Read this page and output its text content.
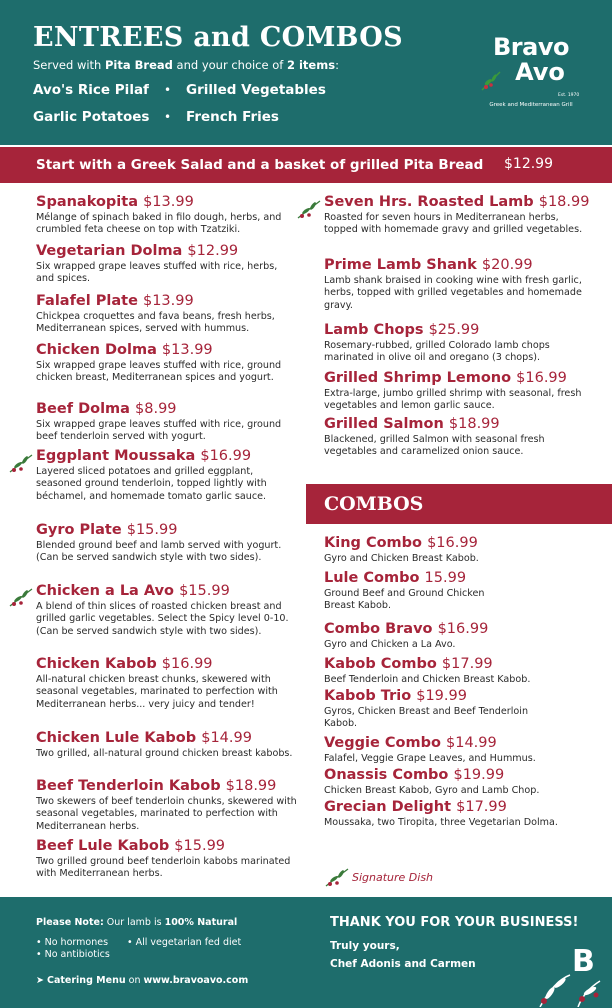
ENTREES and COMBOS
Served with Pita Bread and your choice of 2 items:
Avo's Rice Pilaf • Grilled Vegetables
Garlic Potatoes • French Fries
Bravo
Avo
Est. 1970
Greek and Mediterranean Grill
Start with a Greek Salad and a basket of grilled Pita Bread $12.99
Spanakopita $13.99
Mélange of spinach baked in filo dough, herbs, and crumbled feta cheese on top with Tzatziki.
Vegetarian Dolma $12.99
Six wrapped grape leaves stuffed with rice, herbs, and spices.
Falafel Plate $13.99
Chickpea croquettes and fava beans, fresh herbs, Mediterranean spices, served with hummus.
Chicken Dolma $13.99
Six wrapped grape leaves stuffed with rice, ground chicken breast, Mediterranean spices and yogurt.
Beef Dolma $8.99
Six wrapped grape leaves stuffed with rice, ground beef tenderloin served with yogurt.
Eggplant Moussaka $16.99
Layered sliced potatoes and grilled eggplant, seasoned ground tenderloin, topped lightly with béchamel, and homemade tomato garlic sauce.
Gyro Plate $15.99
Blended ground beef and lamb served with yogurt. (Can be served sandwich style with two sides).
Chicken a La Avo $15.99
A blend of thin slices of roasted chicken breast and grilled garlic vegetables. Select the Spicy level 0-10. (Can be served sandwich style with two sides).
Chicken Kabob $16.99
All-natural chicken breast chunks, skewered with seasonal vegetables, marinated to perfection with Mediterranean herbs... very juicy and tender!
Chicken Lule Kabob $14.99
Two grilled, all-natural ground chicken breast kabobs.
Beef Tenderloin Kabob $18.99
Two skewers of beef tenderloin chunks, skewered with seasonal vegetables, marinated to perfection with Mediterranean herbs.
Beef Lule Kabob $15.99
Two grilled ground beef tenderloin kabobs marinated with Mediterranean herbs.
Seven Hrs. Roasted Lamb $18.99
Roasted for seven hours in Mediterranean herbs, topped with homemade gravy and grilled vegetables.
Prime Lamb Shank $20.99
Lamb shank braised in cooking wine with fresh garlic, herbs, topped with grilled vegetables and homemade gravy.
Lamb Chops $25.99
Rosemary-rubbed, grilled Colorado lamb chops marinated in olive oil and oregano (3 chops).
Grilled Shrimp Lemono $16.99
Extra-large, jumbo grilled shrimp with seasonal, fresh vegetables and lemon garlic sauce.
Grilled Salmon $18.99
Blackened, grilled Salmon with seasonal fresh vegetables and caramelized onion sauce.
COMBOS
King Combo $16.99
Gyro and Chicken Breast Kabob.
Lule Combo 15.99
Ground Beef and Ground Chicken Breast Kabob.
Combo Bravo $16.99
Gyro and Chicken a La Avo.
Kabob Combo $17.99
Beef Tenderloin and Chicken Breast Kabob.
Kabob Trio $19.99
Gyros, Chicken Breast and Beef Tenderloin Kabob.
Veggie Combo $14.99
Falafel, Veggie Grape Leaves, and Hummus.
Onassis Combo $19.99
Chicken Breast Kabob, Gyro and Lamb Chop.
Grecian Delight $17.99
Moussaka, two Tiropita, three Vegetarian Dolma.
Signature Dish
Please Note: Our lamb is 100% Natural
• No hormones • All vegetarian fed diet
• No antibiotics
➤ Catering Menu on www.bravoavo.com
THANK YOU FOR YOUR BUSINESS!
Truly yours,
Chef Adonis and Carmen	B
